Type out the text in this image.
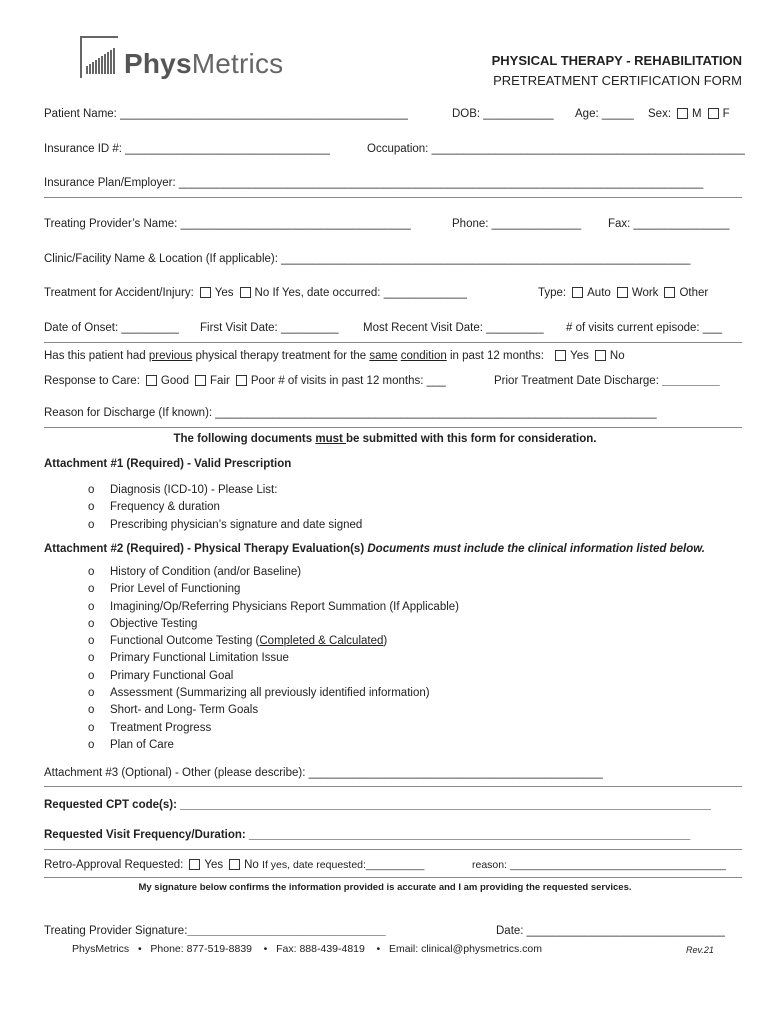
PhysMetrics	PHYSICAL THERAPY - REHABILITATION
PRETREATMENT CERTIFICATION FORM
Patient Name: _____________________________________________	DOB: ___________ Age: _____ Sex: M F
Insurance ID #: ________________________________	Occupation: _________________________________________________
Insurance Plan/Employer: __________________________________________________________________________________
Treating Provider’s Name: ____________________________________	Phone: ______________ Fax: _______________
Clinic/Facility Name & Location (If applicable): ________________________________________________________________
Treatment for Accident/Injury: Yes No If Yes, date occurred: _____________	Type: Auto Work Other
Date of Onset: _________ First Visit Date: _________ Most Recent Visit Date: _________ # of visits current episode: ___
Has this patient had previous physical therapy treatment for the same condition in past 12 months: Yes No
Response to Care: Good Fair Poor # of visits in past 12 months: ___	Prior Treatment Date Discharge: _________
Reason for Discharge (If known): _____________________________________________________________________
The following documents must be submitted with this form for consideration.
Attachment #1 (Required) - Valid Prescription
o Diagnosis (ICD-10) - Please List:
o Frequency & duration
o Prescribing physician’s signature and date signed
Attachment #2 (Required) - Physical Therapy Evaluation(s) Documents must include the clinical information listed below.
o History of Condition (and/or Baseline)
o Prior Level of Functioning
o Imagining/Op/Referring Physicians Report Summation (If Applicable)
o Objective Testing
o Functional Outcome Testing (Completed & Calculated)
o Primary Functional Limitation Issue
o Primary Functional Goal
o Assessment (Summarizing all previously identified information)
o Short- and Long- Term Goals
o Treatment Progress
o Plan of Care
Attachment #3 (Optional) - Other (please describe): ______________________________________________
Requested CPT code(s): ___________________________________________________________________________________
Requested Visit Frequency/Duration: _____________________________________________________________________
Retro-Approval Requested: Yes No If yes, date requested:__________	reason: _____________________________________
My signature below confirms the information provided is accurate and I am providing the requested services.
Treating Provider Signature:_______________________________	Date: _______________________________
PhysMetrics • Phone: 877-519-8839 • Fax: 888-439-4819 • Email: clinical@physmetrics.com	Rev.21
